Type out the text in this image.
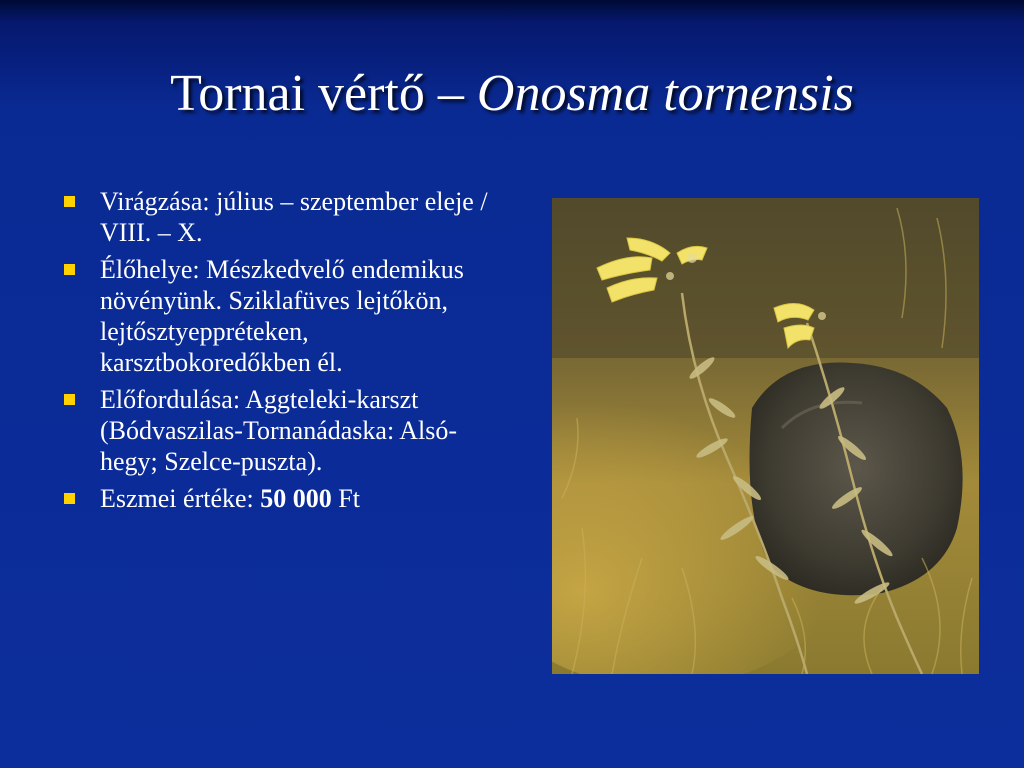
Tornai vértő – Onosma tornensis
Virágzása: július – szeptember eleje / VIII. – X.
Élőhelye: Mészkedvelő endemikus növényünk. Sziklafüves lejtőkön, lejtősztyeppréteken, karsztbokoredőkben él.
Előfordulása: Aggteleki-karszt (Bódvaszilas-Tornanádaska: Alsó-hegy; Szelce-puszta).
Eszmei értéke: 50 000 Ft
